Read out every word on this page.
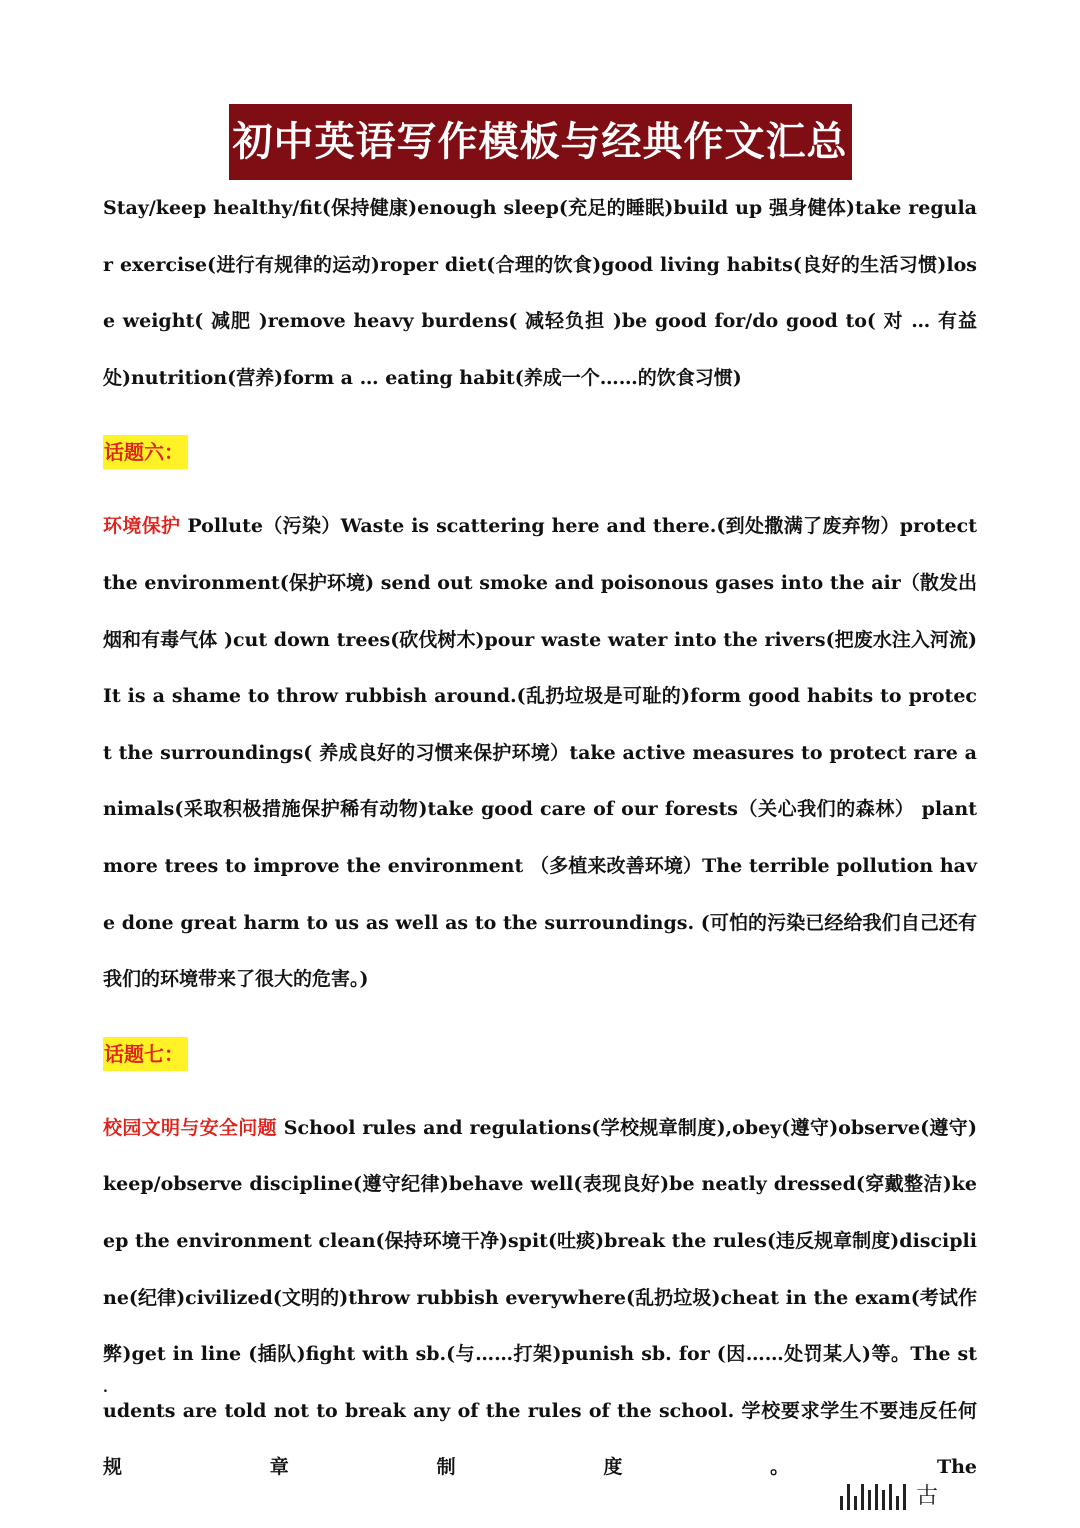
初中英语写作模板与经典作文汇总

Stay/keep healthy/fit(保持健康)enough sleep(充足的睡眠)build up 强身健体)take regular exercise(进行有规律的运动)roper diet(合理的饮食)good living habits(良好的生活习惯)lose weight( 减肥 )remove heavy burdens( 减轻负担 )be good for/do good to( 对 … 有益 处)nutrition(营养)form a … eating habit(养成一个……的饮食习惯)

话题六：

环境保护 Pollute（污染）Waste is scattering here and there.(到处撒满了废弃物）protect the environment(保护环境) send out smoke and poisonous gases into the air（散发出烟和有毒气体 )cut down trees(砍伐树木)pour waste water into the rivers(把废水注入河流)It is a shame to throw rubbish around.(乱扔垃圾是可耻的)form good habits to protect the surroundings( 养成良好的习惯来保护环境）take active measures to protect rare animals(采取积极措施保护稀有动物)take good care of our forests（关心我们的森林） plant more trees to improve the environment （多植来改善环境）The terrible pollution have done great harm to us as well as to the surroundings. (可怕的污染已经给我们自己还有我们的环境带来了很大的危害。)

话题七：

校园文明与安全问题 School rules and regulations(学校规章制度),obey(遵守)observe(遵守)keep/observe discipline(遵守纪律)behave well(表现良好)be neatly dressed(穿戴整洁)keep the environment clean(保持环境干净)spit(吐痰)break the rules(违反规章制度)discipline(纪律)civilized(文明的)throw rubbish everywhere(乱扔垃圾)cheat in the exam(考试作弊)get in line (插队)fight with sb.(与……打架)punish sb. for (因……处罚某人)等。The students are told not to break any of the rules of the school. 学校要求学生不要违反任何规章制度。The

.
古
